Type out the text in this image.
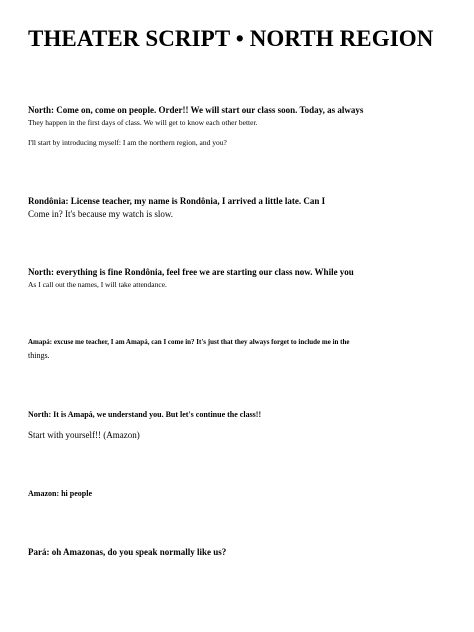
THEATER SCRIPT • NORTH REGION

North: Come on, come on people. Order!! We will start our class soon. Today, as always

They happen in the first days of class. We will get to know each other better.

I'll start by introducing myself: I am the northern region, and you?

Rondônia: License teacher, my name is Rondônia, I arrived a little late. Can I

Come in? It's because my watch is slow.

North: everything is fine Rondônia, feel free we are starting our class now. While you

As I call out the names, I will take attendance.

Amapá: excuse me teacher, I am Amapá, can I come in? It's just that they always forget to include me in the

things.

North: It is Amapá, we understand you. But let's continue the class!!

Start with yourself!! (Amazon)

Amazon: hi people

Pará: oh Amazonas, do you speak normally like us?
